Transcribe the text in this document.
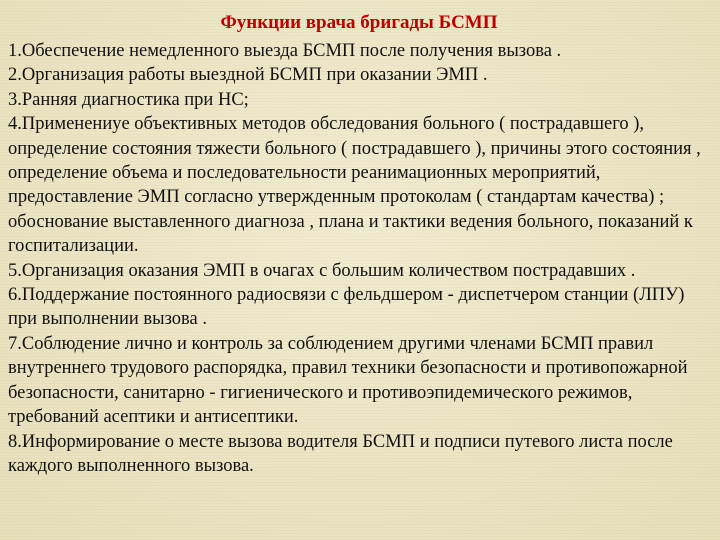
Функции врача бригады БСМП
1.Обеспечение немедленного выезда БСМП после получения вызова .
2.Организация работы выездной БСМП при оказании ЭМП .
3.Ранняя диагностика при НС;
4.Применениye объективных методов обследования больного ( пострадавшего ), определение состояния тяжести больного ( пострадавшего ), причины этого состояния , определение объема и последовательности реанимационных мероприятий, предоставление ЭМП согласно утвержденным протоколам ( стандартам качества) ; обоснование выставленного диагноза , плана и тактики ведения больного, показаний к госпитализации.
5.Организация оказания ЭМП в очагах с большим количеством пострадавших .
6.Поддержание постоянного радиосвязи с фельдшером - диспетчером станции (ЛПУ) при выполнении вызова .
7.Соблюдение лично и контроль за соблюдением другими членами БСМП правил внутреннего трудового распорядка, правил техники безопасности и противопожарной безопасности, санитарно - гигиенического и противоэпидемического режимов, требований асептики и антисептики.
8.Информирование о месте вызова водителя БСМП и подписи путевого листа после каждого выполненного вызова.
